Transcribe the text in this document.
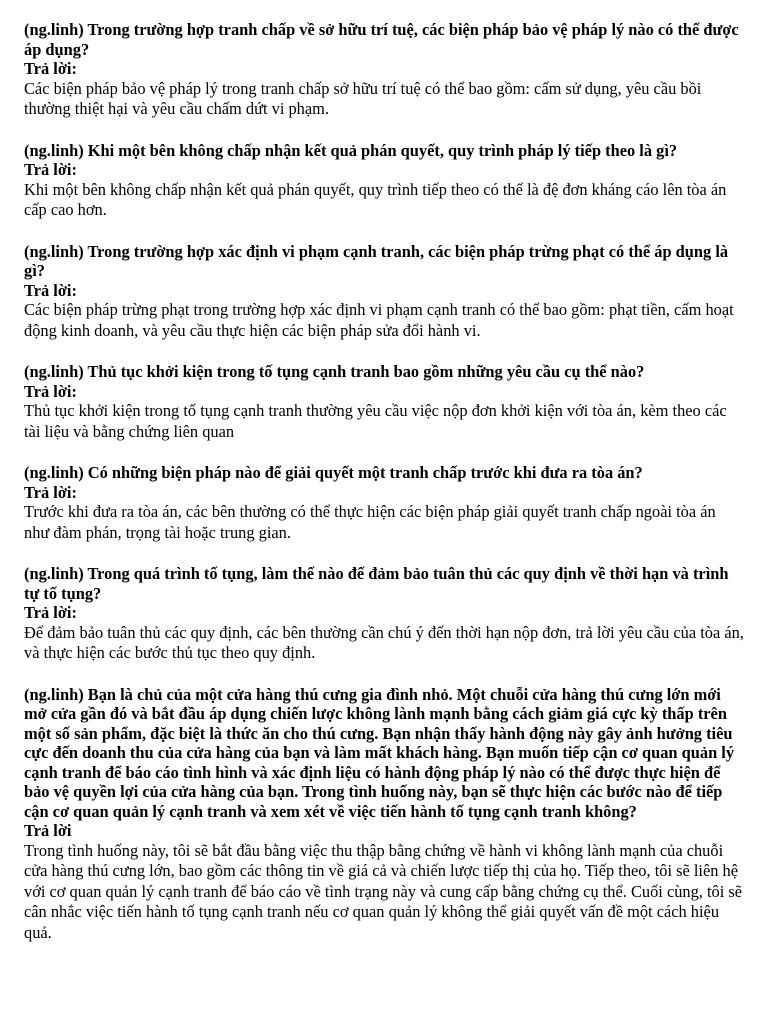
(ng.linh) Trong trường hợp tranh chấp về sở hữu trí tuệ, các biện pháp bảo vệ pháp lý nào có thể được áp dụng?

Trả lời:

Các biện pháp bảo vệ pháp lý trong tranh chấp sở hữu trí tuệ có thể bao gồm: cấm sử dụng, yêu cầu bồi thường thiệt hại và yêu cầu chấm dứt vi phạm.

(ng.linh) Khi một bên không chấp nhận kết quả phán quyết, quy trình pháp lý tiếp theo là gì?

Trả lời:

Khi một bên không chấp nhận kết quả phán quyết, quy trình tiếp theo có thể là đệ đơn kháng cáo lên tòa án cấp cao hơn.

(ng.linh) Trong trường hợp xác định vi phạm cạnh tranh, các biện pháp trừng phạt có thể áp dụng là gì?

Trả lời:

Các biện pháp trừng phạt trong trường hợp xác định vi phạm cạnh tranh có thể bao gồm: phạt tiền, cấm hoạt động kinh doanh, và yêu cầu thực hiện các biện pháp sửa đổi hành vi.

(ng.linh) Thủ tục khởi kiện trong tố tụng cạnh tranh bao gồm những yêu cầu cụ thể nào?

Trả lời:

Thủ tục khởi kiện trong tố tụng cạnh tranh thường yêu cầu việc nộp đơn khởi kiện với tòa án, kèm theo các tài liệu và bằng chứng liên quan

(ng.linh) Có những biện pháp nào để giải quyết một tranh chấp trước khi đưa ra tòa án?

Trả lời:

Trước khi đưa ra tòa án, các bên thường có thể thực hiện các biện pháp giải quyết tranh chấp ngoài tòa án như đàm phán, trọng tài hoặc trung gian.

(ng.linh) Trong quá trình tố tụng, làm thế nào để đảm bảo tuân thủ các quy định về thời hạn và trình tự tố tụng?

Trả lời:

Để đảm bảo tuân thủ các quy định, các bên thường cần chú ý đến thời hạn nộp đơn, trả lời yêu cầu của tòa án, và thực hiện các bước thủ tục theo quy định.

(ng.linh) Bạn là chủ của một cửa hàng thú cưng gia đình nhỏ. Một chuỗi cửa hàng thú cưng lớn mới mở cửa gần đó và bắt đầu áp dụng chiến lược không lành mạnh bằng cách giảm giá cực kỳ thấp trên một số sản phẩm, đặc biệt là thức ăn cho thú cưng. Bạn nhận thấy hành động này gây ảnh hưởng tiêu cực đến doanh thu của cửa hàng của bạn và làm mất khách hàng. Bạn muốn tiếp cận cơ quan quản lý cạnh tranh để báo cáo tình hình và xác định liệu có hành động pháp lý nào có thể được thực hiện để bảo vệ quyền lợi của cửa hàng của bạn. Trong tình huống này, bạn sẽ thực hiện các bước nào để tiếp cận cơ quan quản lý cạnh tranh và xem xét về việc tiến hành tố tụng cạnh tranh không?

Trả lời

Trong tình huống này, tôi sẽ bắt đầu bằng việc thu thập bằng chứng về hành vi không lành mạnh của chuỗi cửa hàng thú cưng lớn, bao gồm các thông tin về giá cả và chiến lược tiếp thị của họ. Tiếp theo, tôi sẽ liên hệ với cơ quan quản lý cạnh tranh để báo cáo về tình trạng này và cung cấp bằng chứng cụ thể. Cuối cùng, tôi sẽ cân nhắc việc tiến hành tố tụng cạnh tranh nếu cơ quan quản lý không thể giải quyết vấn đề một cách hiệu quả.
